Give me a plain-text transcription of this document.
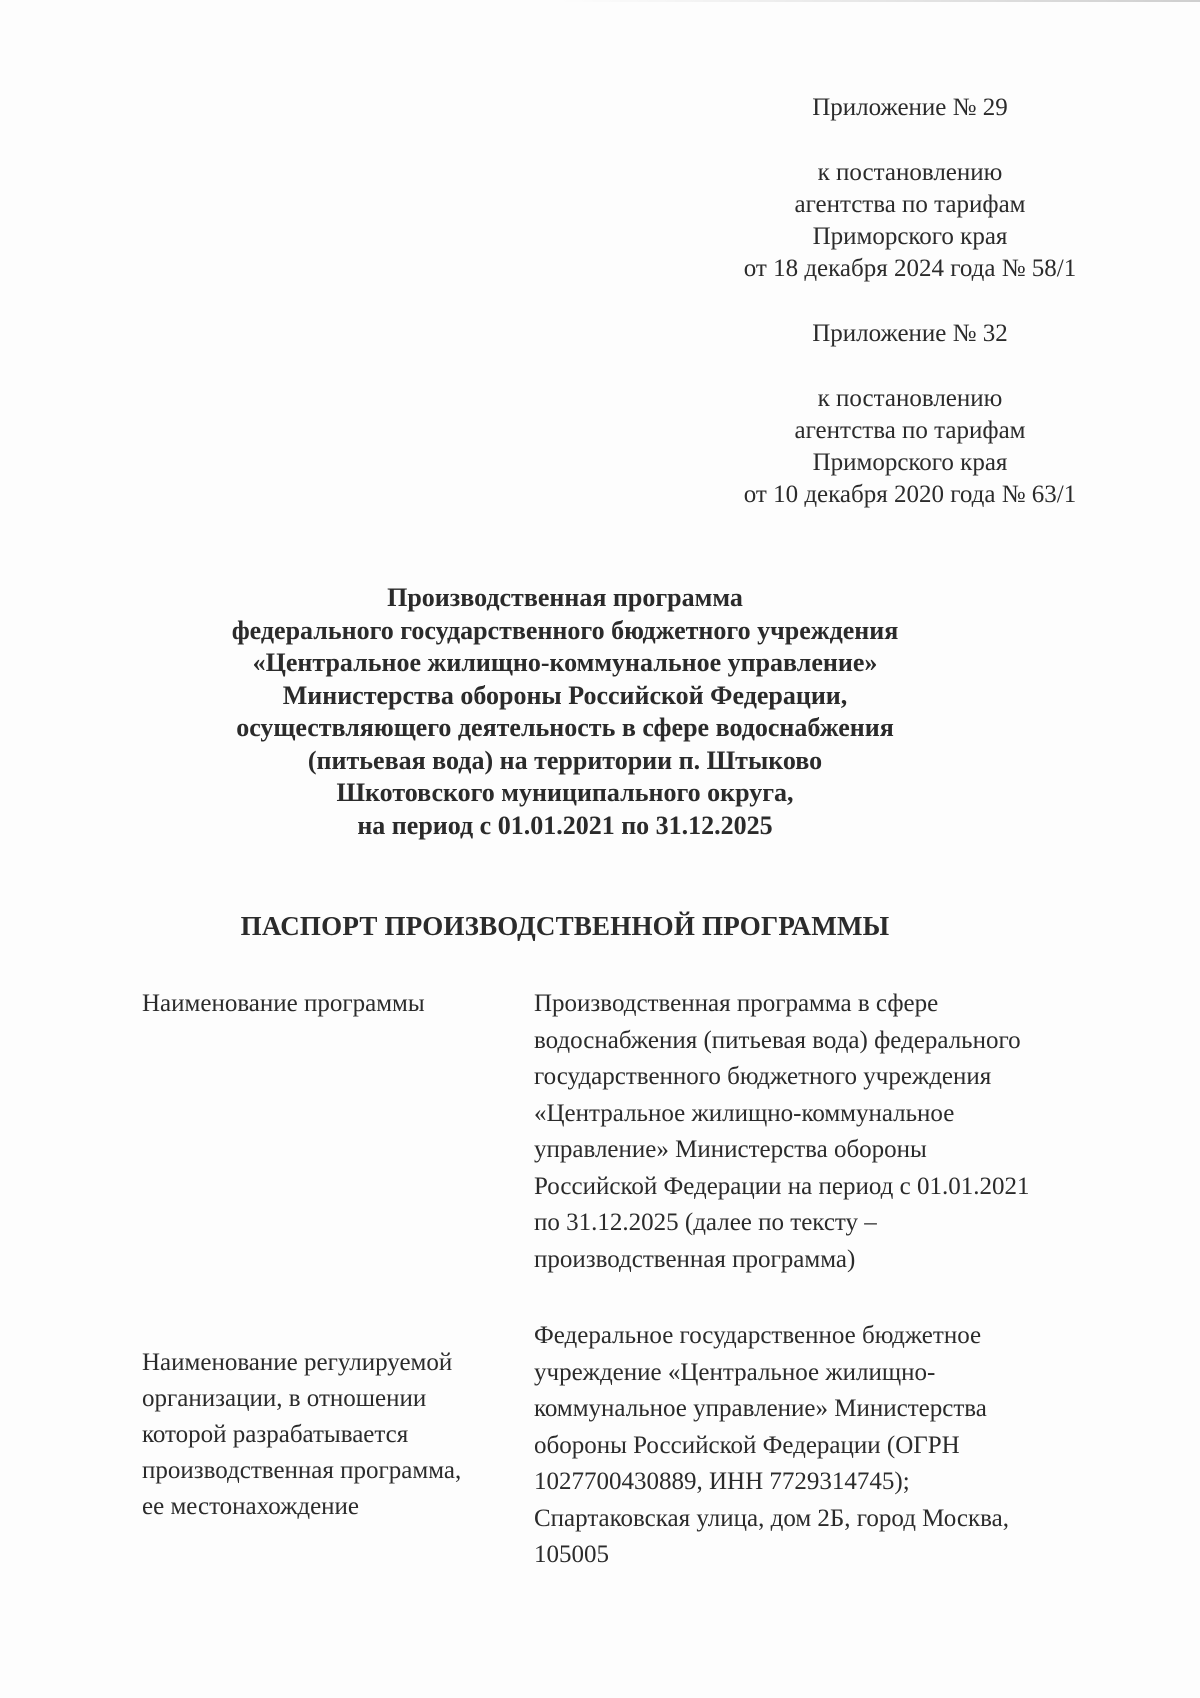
Приложение № 29

к постановлению

агентства по тарифам

Приморского края

от 18 декабря 2024 года № 58/1

Приложение № 32

к постановлению

агентства по тарифам

Приморского края

от 10 декабря 2020 года № 63/1

Производственная программа

федерального государственного бюджетного учреждения

«Центральное жилищно-коммунальное управление»

Министерства обороны Российской Федерации,

осуществляющего деятельность в сфере водоснабжения

(питьевая вода) на территории п. Штыково

Шкотовского муниципального округа,

на период с 01.01.2021 по 31.12.2025

ПАСПОРТ ПРОИЗВОДСТВЕННОЙ ПРОГРАММЫ

Наименование программы	Производственная программа в сфере

водоснабжения (питьевая вода) федерального

государственного бюджетного учреждения

«Центральное жилищно-коммунальное

управление» Министерства обороны

Российской Федерации на период с 01.01.2021

по 31.12.2025 (далее по тексту –

производственная программа)

Наименование регулируемой

организации, в отношении

которой разрабатывается

производственная программа,

ее местонахождение

Федеральное государственное бюджетное

учреждение «Центральное жилищно-

коммунальное управление» Министерства

обороны Российской Федерации (ОГРН

1027700430889, ИНН 7729314745);

Спартаковская улица, дом 2Б, город Москва,

105005
